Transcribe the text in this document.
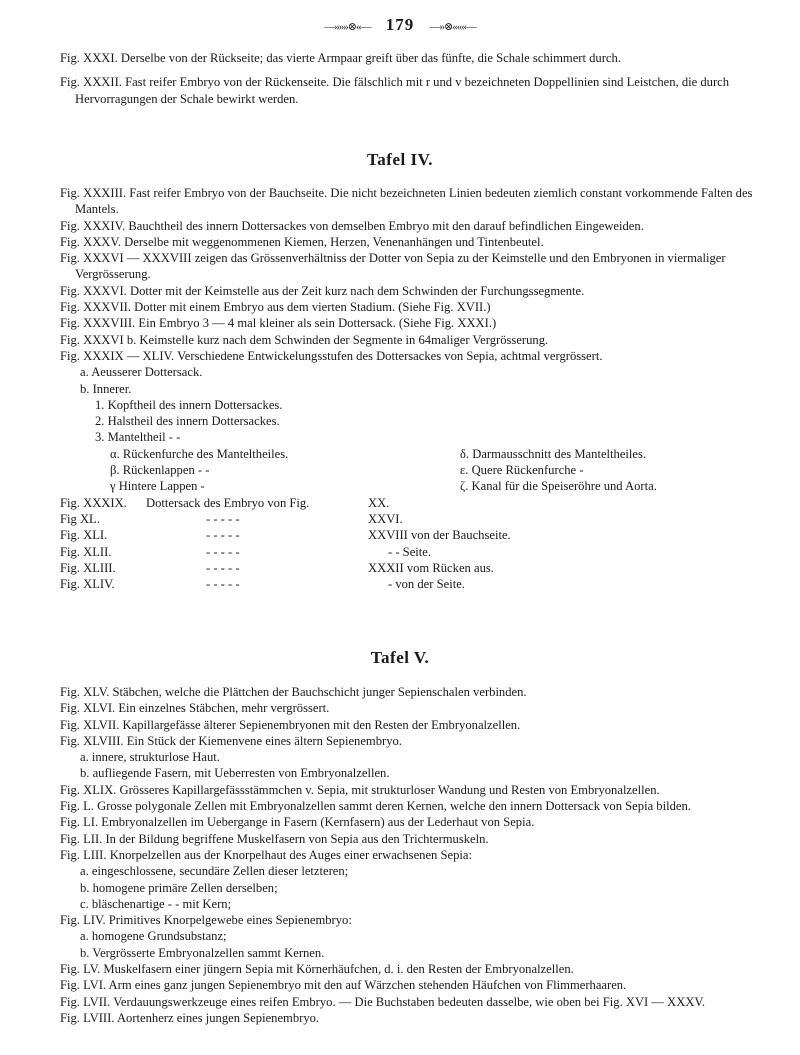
—»»»⊗«— 179 —»⊗«««—

Fig. XXXI. Derselbe von der Rückseite; das vierte Armpaar greift über das fünfte, die Schale schimmert durch.

Fig. XXXII. Fast reifer Embryo von der Rückenseite. Die fälschlich mit r und v bezeichneten Doppellinien sind Leistchen, die durch Hervorragungen der Schale bewirkt werden.

Tafel IV.

Fig. XXXIII. Fast reifer Embryo von der Bauchseite. Die nicht bezeichneten Linien bedeuten ziemlich constant vorkommende Falten des Mantels.

Fig. XXXIV. Bauchtheil des innern Dottersackes von demselben Embryo mit den darauf befindlichen Eingeweiden.

Fig. XXXV. Derselbe mit weggenommenen Kiemen, Herzen, Venenanhängen und Tintenbeutel.

Fig. XXXVI — XXXVIII zeigen das Grössenverhältniss der Dotter von Sepia zu der Keimstelle und den Embryonen in viermaliger Vergrösserung.

Fig. XXXVI. Dotter mit der Keimstelle aus der Zeit kurz nach dem Schwinden der Furchungssegmente.

Fig. XXXVII. Dotter mit einem Embryo aus dem vierten Stadium. (Siehe Fig. XVII.)

Fig. XXXVIII. Ein Embryo 3 — 4 mal kleiner als sein Dottersack. (Siehe Fig. XXXI.)

Fig. XXXVI b. Keimstelle kurz nach dem Schwinden der Segmente in 64maliger Vergrösserung.

Fig. XXXIX — XLIV. Verschiedene Entwickelungsstufen des Dottersackes von Sepia, achtmal vergrössert.

a. Aeusserer Dottersack.

b. Innerer.

1. Kopftheil des innern Dottersackes.

2. Halstheil des innern Dottersackes.

3. Manteltheil - -

α. Rückenfurche des Manteltheiles.
β. Rückenlappen - -
γ Hintere Lappen -
δ. Darmausschnitt des Manteltheiles.
ε. Quere Rückenfurche -
ζ. Kanal für die Speiseröhre und Aorta.
Fig. XXXIX.	Dottersack des Embryo von Fig.	XX.
Fig XL.	- - - - -	XXVI.
Fig. XLI.	- - - - -	XXVIII von der Bauchseite.
Fig. XLII.	- - - - -	- - Seite.
Fig. XLIII.	- - - - -	XXXII vom Rücken aus.
Fig. XLIV.	- - - - -	- von der Seite.
Tafel V.

Fig. XLV. Stäbchen, welche die Plättchen der Bauchschicht junger Sepienschalen verbinden.

Fig. XLVI. Ein einzelnes Stäbchen, mehr vergrössert.

Fig. XLVII. Kapillargefässe älterer Sepienembryonen mit den Resten der Embryonalzellen.

Fig. XLVIII. Ein Stück der Kiemenvene eines ältern Sepienembryo.

a. innere, strukturlose Haut.

b. aufliegende Fasern, mit Ueberresten von Embryonalzellen.

Fig. XLIX. Grösseres Kapillargefässstämmchen v. Sepia, mit strukturloser Wandung und Resten von Embryonalzellen.

Fig. L. Grosse polygonale Zellen mit Embryonalzellen sammt deren Kernen, welche den innern Dottersack von Sepia bilden.

Fig. LI. Embryonalzellen im Uebergange in Fasern (Kernfasern) aus der Lederhaut von Sepia.

Fig. LII. In der Bildung begriffene Muskelfasern von Sepia aus den Trichtermuskeln.

Fig. LIII. Knorpelzellen aus der Knorpelhaut des Auges einer erwachsenen Sepia:

a. eingeschlossene, secundäre Zellen dieser letzteren;

b. homogene primäre Zellen derselben;

c. bläschenartige - - mit Kern;

Fig. LIV. Primitives Knorpelgewebe eines Sepienembryo:

a. homogene Grundsubstanz;

b. Vergrösserte Embryonalzellen sammt Kernen.

Fig. LV. Muskelfasern einer jüngern Sepia mit Körnerhäufchen, d. i. den Resten der Embryonalzellen.

Fig. LVI. Arm eines ganz jungen Sepienembryo mit den auf Wärzchen stehenden Häufchen von Flimmerhaaren.

Fig. LVII. Verdauungswerkzeuge eines reifen Embryo. — Die Buchstaben bedeuten dasselbe, wie oben bei Fig. XVI — XXXV.

Fig. LVIII. Aortenherz eines jungen Sepienembryo.
